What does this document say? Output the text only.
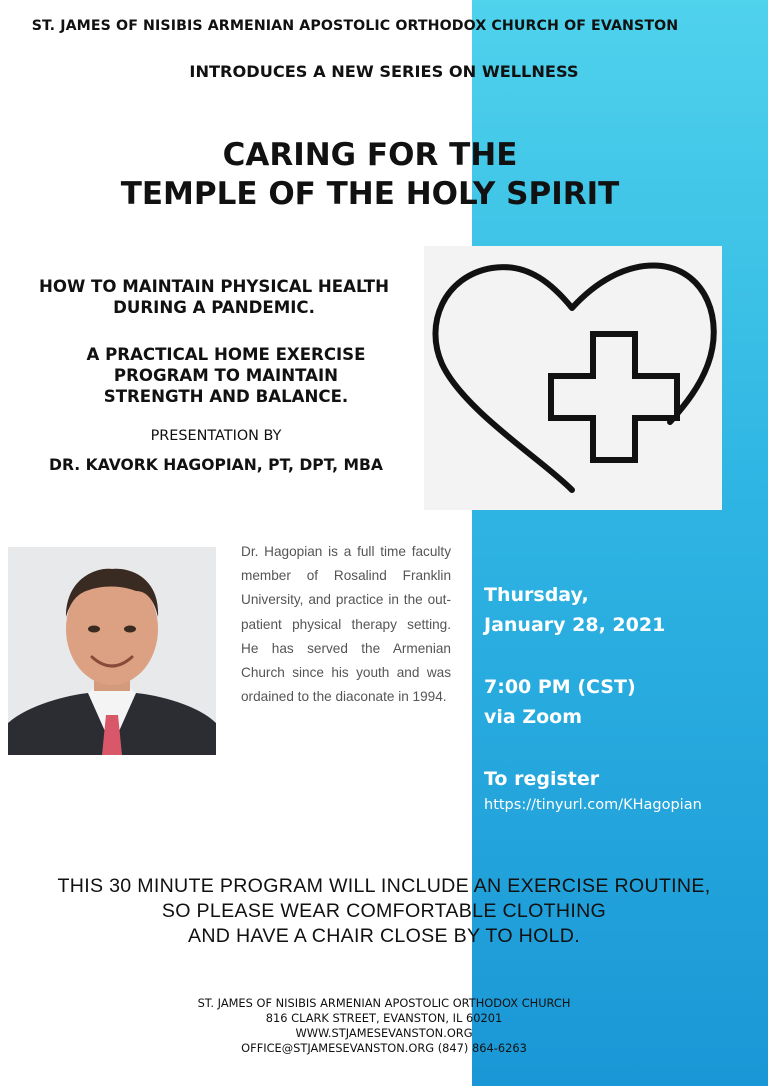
ST. JAMES OF NISIBIS ARMENIAN APOSTOLIC ORTHODOX CHURCH OF EVANSTON
INTRODUCES A NEW SERIES ON WELLNESS
CARING FOR THE
TEMPLE OF THE HOLY SPIRIT
HOW TO MAINTAIN PHYSICAL HEALTH
DURING A PANDEMIC.
A PRACTICAL HOME EXERCISE
PROGRAM TO MAINTAIN
STRENGTH AND BALANCE.
PRESENTATION BY
DR. KAVORK HAGOPIAN, PT, DPT, MBA
Dr. Hagopian is a full time faculty member of Rosalind Franklin University, and practice in the out-patient physical therapy setting. He has served the Armenian Church since his youth and was ordained to the diaconate in 1994.
Thursday,
January 28, 2021
7:00 PM (CST)
via Zoom
To register
https://tinyurl.com/KHagopian
THIS 30 MINUTE PROGRAM WILL INCLUDE AN EXERCISE ROUTINE,
SO PLEASE WEAR COMFORTABLE CLOTHING
AND HAVE A CHAIR CLOSE BY TO HOLD.
ST. JAMES OF NISIBIS ARMENIAN APOSTOLIC ORTHODOX CHURCH
816 CLARK STREET, EVANSTON, IL 60201
WWW.STJAMESEVANSTON.ORG
OFFICE@STJAMESEVANSTON.ORG (847) 864-6263
